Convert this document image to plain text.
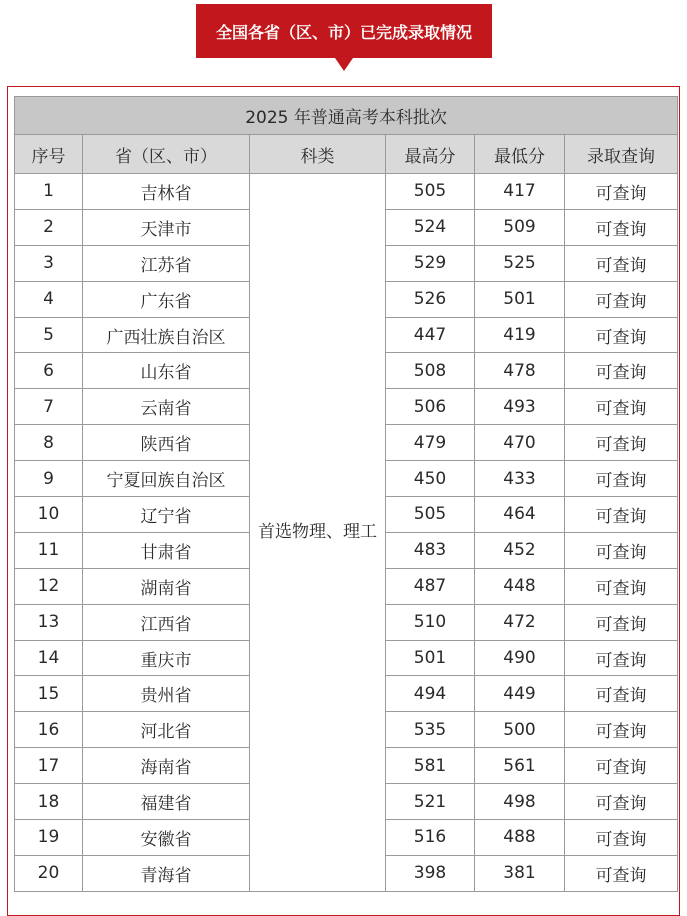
全国各省（区、市）已完成录取情况
2025 年普通高考本科批次					
序号	省（区、市）	科类	最高分	最低分	录取查询
1	吉林省	首选物理、理工	505	417	可查询
2	天津市		524	509	可查询
3	江苏省		529	525	可查询
4	广东省		526	501	可查询
5	广西壮族自治区		447	419	可查询
6	山东省		508	478	可查询
7	云南省		506	493	可查询
8	陕西省		479	470	可查询
9	宁夏回族自治区		450	433	可查询
10	辽宁省		505	464	可查询
11	甘肃省		483	452	可查询
12	湖南省		487	448	可查询
13	江西省		510	472	可查询
14	重庆市		501	490	可查询
15	贵州省		494	449	可查询
16	河北省		535	500	可查询
17	海南省		581	561	可查询
18	福建省		521	498	可查询
19	安徽省		516	488	可查询
20	青海省		398	381	可查询
